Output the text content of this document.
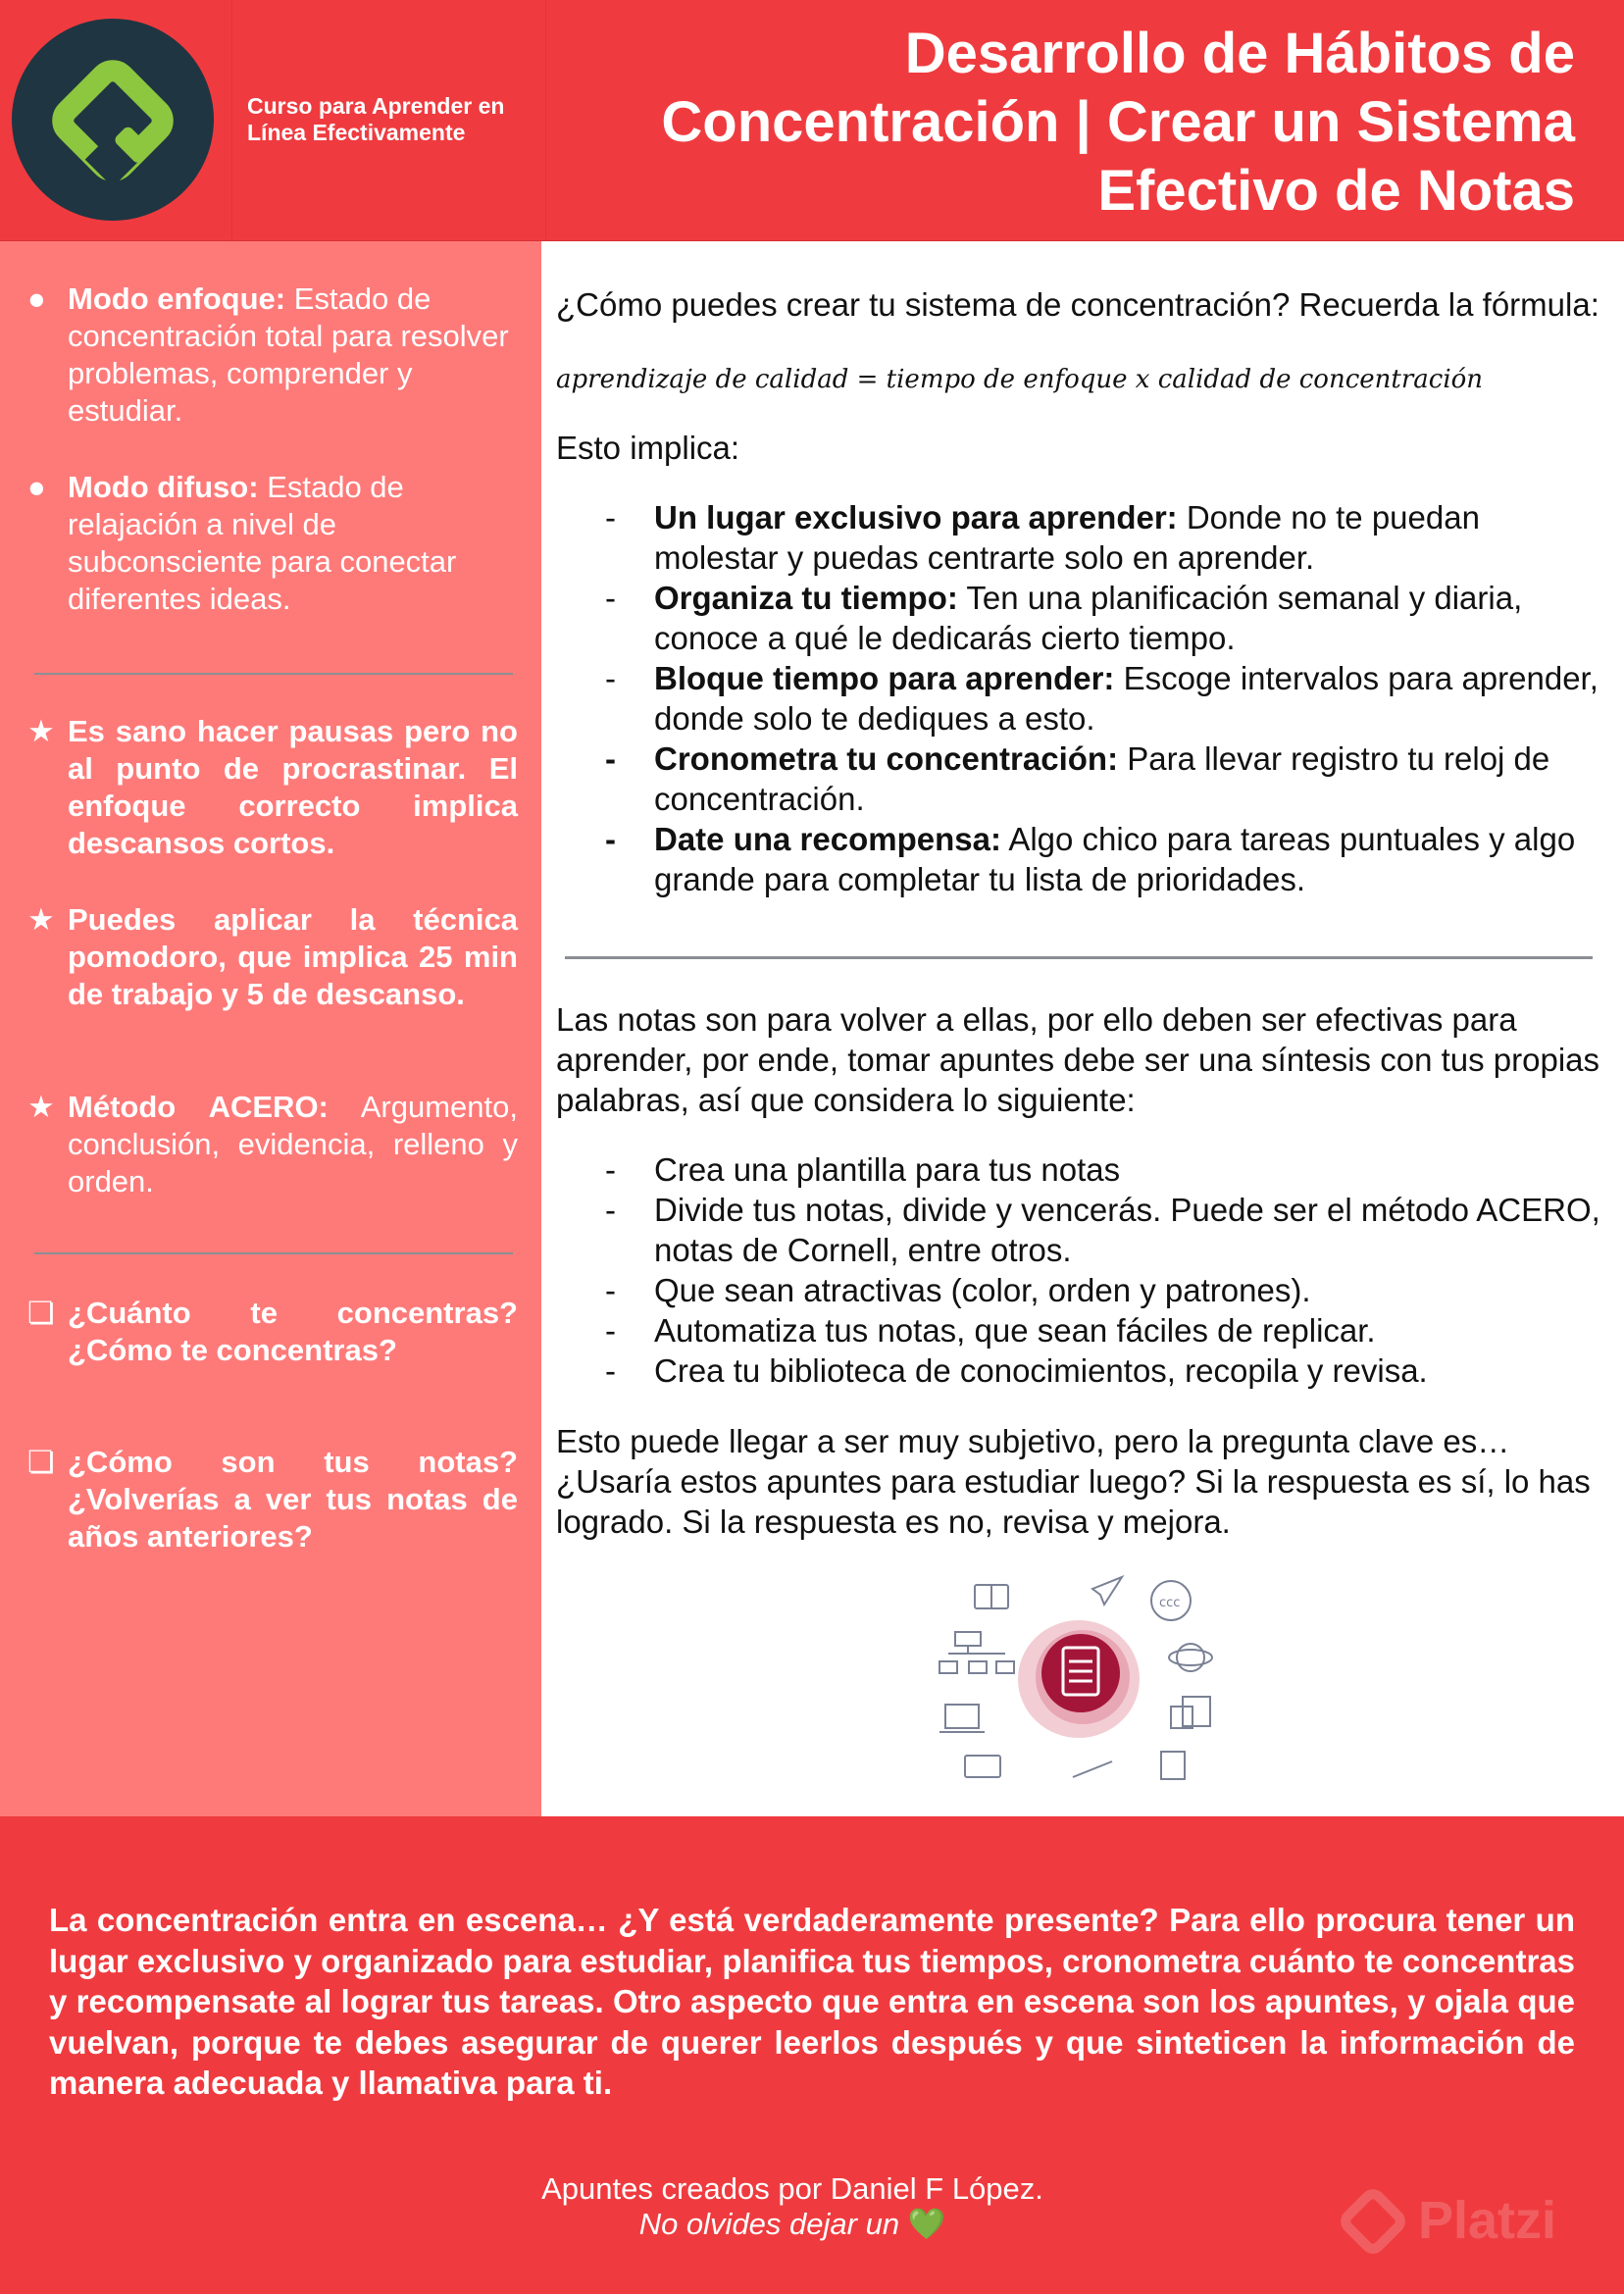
Curso para Aprender en Línea Efectivamente
Desarrollo de Hábitos de
Concentración | Crear un Sistema
Efectivo de Notas
● Modo enfoque: Estado de concentración total para resolver problemas, comprender y estudiar.
● Modo difuso: Estado de relajación a nivel de subconsciente para conectar diferentes ideas.
★ Es sano hacer pausas pero no al punto de procrastinar. El enfoque correcto implica descansos cortos.
★ Puedes aplicar la técnica pomodoro, que implica 25 min de trabajo y 5 de descanso.
★ Método ACERO: Argumento, conclusión, evidencia, relleno y orden.
❏ ¿Cuánto te concentras?¿Cómo te concentras?
❏ ¿Cómo son tus notas? ¿Volverías a ver tus notas de años anteriores?
¿Cómo puedes crear tu sistema de concentración? Recuerda la fórmula:
aprendizaje de calidad = tiempo de enfoque x calidad de concentración
Esto implica:
- Un lugar exclusivo para aprender: Donde no te puedan molestar y puedas centrarte solo en aprender.
- Organiza tu tiempo: Ten una planificación semanal y diaria, conoce a qué le dedicarás cierto tiempo.
- Bloque tiempo para aprender: Escoge intervalos para aprender, donde solo te dediques a esto.
- Cronometra tu concentración: Para llevar registro tu reloj de concentración.
- Date una recompensa: Algo chico para tareas puntuales y algo grande para completar tu lista de prioridades.
Las notas son para volver a ellas, por ello deben ser efectivas para aprender, por ende, tomar apuntes debe ser una síntesis con tus propias palabras, así que considera lo siguiente:
- Crea una plantilla para tus notas
- Divide tus notas, divide y vencerás. Puede ser el método ACERO, notas de Cornell, entre otros.
- Que sean atractivas (color, orden y patrones).
- Automatiza tus notas, que sean fáciles de replicar.
- Crea tu biblioteca de conocimientos, recopila y revisa.
Esto puede llegar a ser muy subjetivo, pero la pregunta clave es… ¿Usaría estos apuntes para estudiar luego? Si la respuesta es sí, lo has logrado. Si la respuesta es no, revisa y mejora.
ccc
La concentración entra en escena… ¿Y está verdaderamente presente? Para ello procura tener un lugar exclusivo y organizado para estudiar, planifica tus tiempos, cronometra cuánto te concentras y recompensate al lograr tus tareas. Otro aspecto que entra en escena son los apuntes, y ojala que vuelvan, porque te debes asegurar de querer leerlos después y que sinteticen la información de manera adecuada y llamativa para ti.
Apuntes creados por Daniel F López.
No olvides dejar un 💚	Platzi
